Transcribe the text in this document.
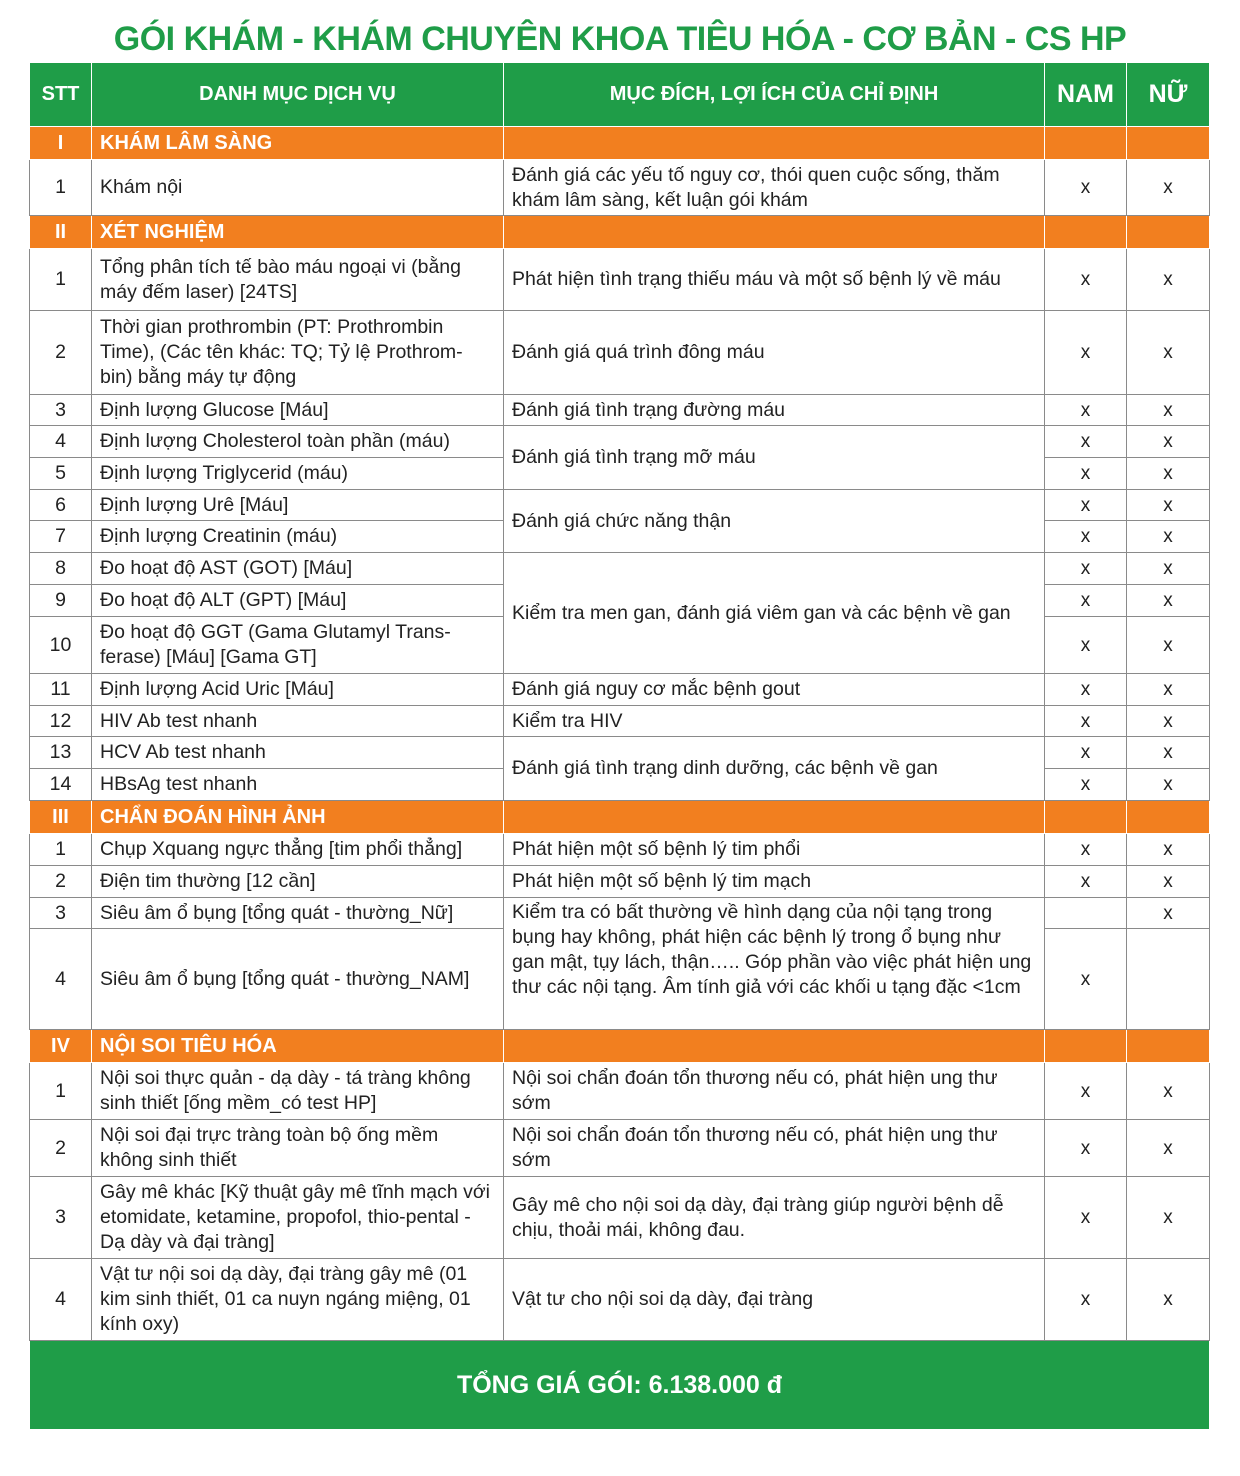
GÓI KHÁM - KHÁM CHUYÊN KHOA TIÊU HÓA - CƠ BẢN - CS HP
STT	DANH MỤC DỊCH VỤ	MỤC ĐÍCH, LỢI ÍCH CỦA CHỈ ĐỊNH	NAM	NỮ
I	KHÁM LÂM SÀNG			
1	Khám nội	Đánh giá các yếu tố nguy cơ, thói quen cuộc sống, thăm khám lâm sàng, kết luận gói khám	x	x
II	XÉT NGHIỆM			
1	Tổng phân tích tế bào máu ngoại vi (bằng máy đếm laser) [24TS]	Phát hiện tình trạng thiếu máu và một số bệnh lý về máu	x	x
2	Thời gian prothrombin (PT: Prothrombin Time), (Các tên khác: TQ; Tỷ lệ Prothrom-bin) bằng máy tự động	Đánh giá quá trình đông máu	x	x
3	Định lượng Glucose [Máu]	Đánh giá tình trạng đường máu	x	x
4	Định lượng Cholesterol toàn phần (máu)	Đánh giá tình trạng mỡ máu	x	x
5	Định lượng Triglycerid (máu)		x	x
6	Định lượng Urê [Máu]	Đánh giá chức năng thận	x	x
7	Định lượng Creatinin (máu)		x	x
8	Đo hoạt độ AST (GOT) [Máu]	Kiểm tra men gan, đánh giá viêm gan và các bệnh về gan	x	x
9	Đo hoạt độ ALT (GPT) [Máu]		x	x
10	Đo hoạt độ GGT (Gama Glutamyl Trans-ferase) [Máu] [Gama GT]		x	x
11	Định lượng Acid Uric [Máu]	Đánh giá nguy cơ mắc bệnh gout	x	x
12	HIV Ab test nhanh	Kiểm tra HIV	x	x
13	HCV Ab test nhanh	Đánh giá tình trạng dinh dưỡng, các bệnh về gan	x	x
14	HBsAg test nhanh		x	x
III	CHẨN ĐOÁN HÌNH ẢNH			
1	Chụp Xquang ngực thẳng [tim phổi thẳng]	Phát hiện một số bệnh lý tim phổi	x	x
2	Điện tim thường [12 cần]	Phát hiện một số bệnh lý tim mạch	x	x
3	Siêu âm ổ bụng [tổng quát - thường_Nữ]	Kiểm tra có bất thường về hình dạng của nội tạng trong bụng hay không, phát hiện các bệnh lý trong ổ bụng như gan mật, tụy lách, thận….. Góp phần vào việc phát hiện ung thư các nội tạng. Âm tính giả với các khối u tạng đặc <1cm		x
4	Siêu âm ổ bụng [tổng quát - thường_NAM]		x	
IV	NỘI SOI TIÊU HÓA			
1	Nội soi thực quản - dạ dày - tá tràng không sinh thiết [ống mềm_có test HP]	Nội soi chẩn đoán tổn thương nếu có, phát hiện ung thư sớm	x	x
2	Nội soi đại trực tràng toàn bộ ống mềm không sinh thiết	Nội soi chẩn đoán tổn thương nếu có, phát hiện ung thư sớm	x	x
3	Gây mê khác [Kỹ thuật gây mê tĩnh mạch với etomidate, ketamine, propofol, thio-pental - Dạ dày và đại tràng]	Gây mê cho nội soi dạ dày, đại tràng giúp người bệnh dễ chịu, thoải mái, không đau.	x	x
4	Vật tư nội soi dạ dày, đại tràng gây mê (01 kim sinh thiết, 01 ca nuyn ngáng miệng, 01 kính oxy)	Vật tư cho nội soi dạ dày, đại tràng	x	x
TỔNG GIÁ GÓI: 6.138.000 đ				
